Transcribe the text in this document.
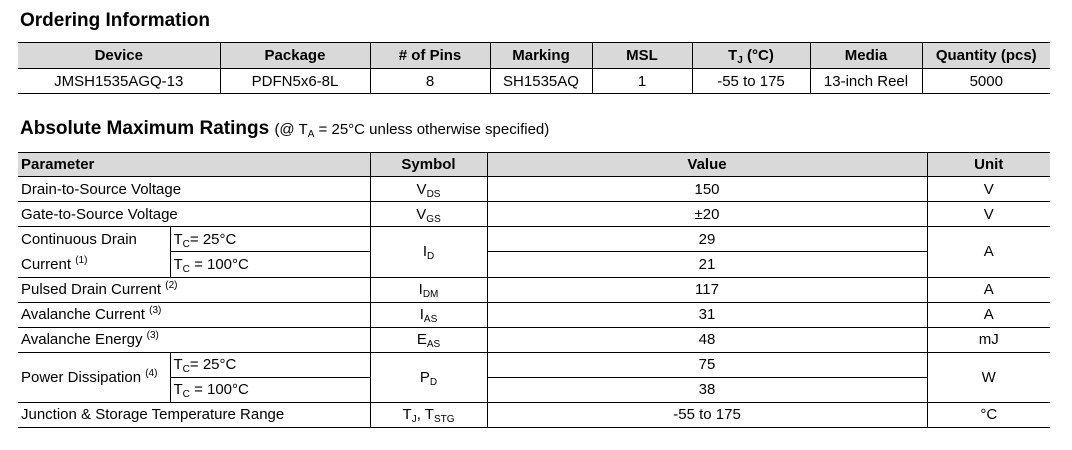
Ordering Information
Device	Package	# of Pins	Marking	MSL	$T_J$ (°C)	Media	Quantity (pcs)
JMSH1535AGQ-13	PDFN5x6-8L	8	SH1535AQ	1	-55 to 175	13-inch Reel	5000
Absolute Maximum Ratings (@ $T_A = 25^\circ C$ unless otherwise specified)
Parameter		Symbol	Value	Unit
Drain-to-Source Voltage		$V_{DS}$	150	V
Gate-to-Source Voltage		$V_{GS}$	±20	V
Continuous Drain	$T_C= 25^\circ C$	$I_D$	29	A
Current $^{(1)}$	$T_C = 100^\circ C$		21	
Pulsed Drain Current $^{(2)}$		$I_{DM}$	117	A
Avalanche Current $^{(3)}$		$I_{AS}$	31	A
Avalanche Energy $^{(3)}$		$E_{AS}$	48	mJ
Power Dissipation $^{(4)}$	$T_C= 25^\circ C$	$P_D$	75	W
	$T_C = 100^\circ C$		38	
Junction & Storage Temperature Range		$T_J$, $T_{STG}$	-55 to 175	°C
